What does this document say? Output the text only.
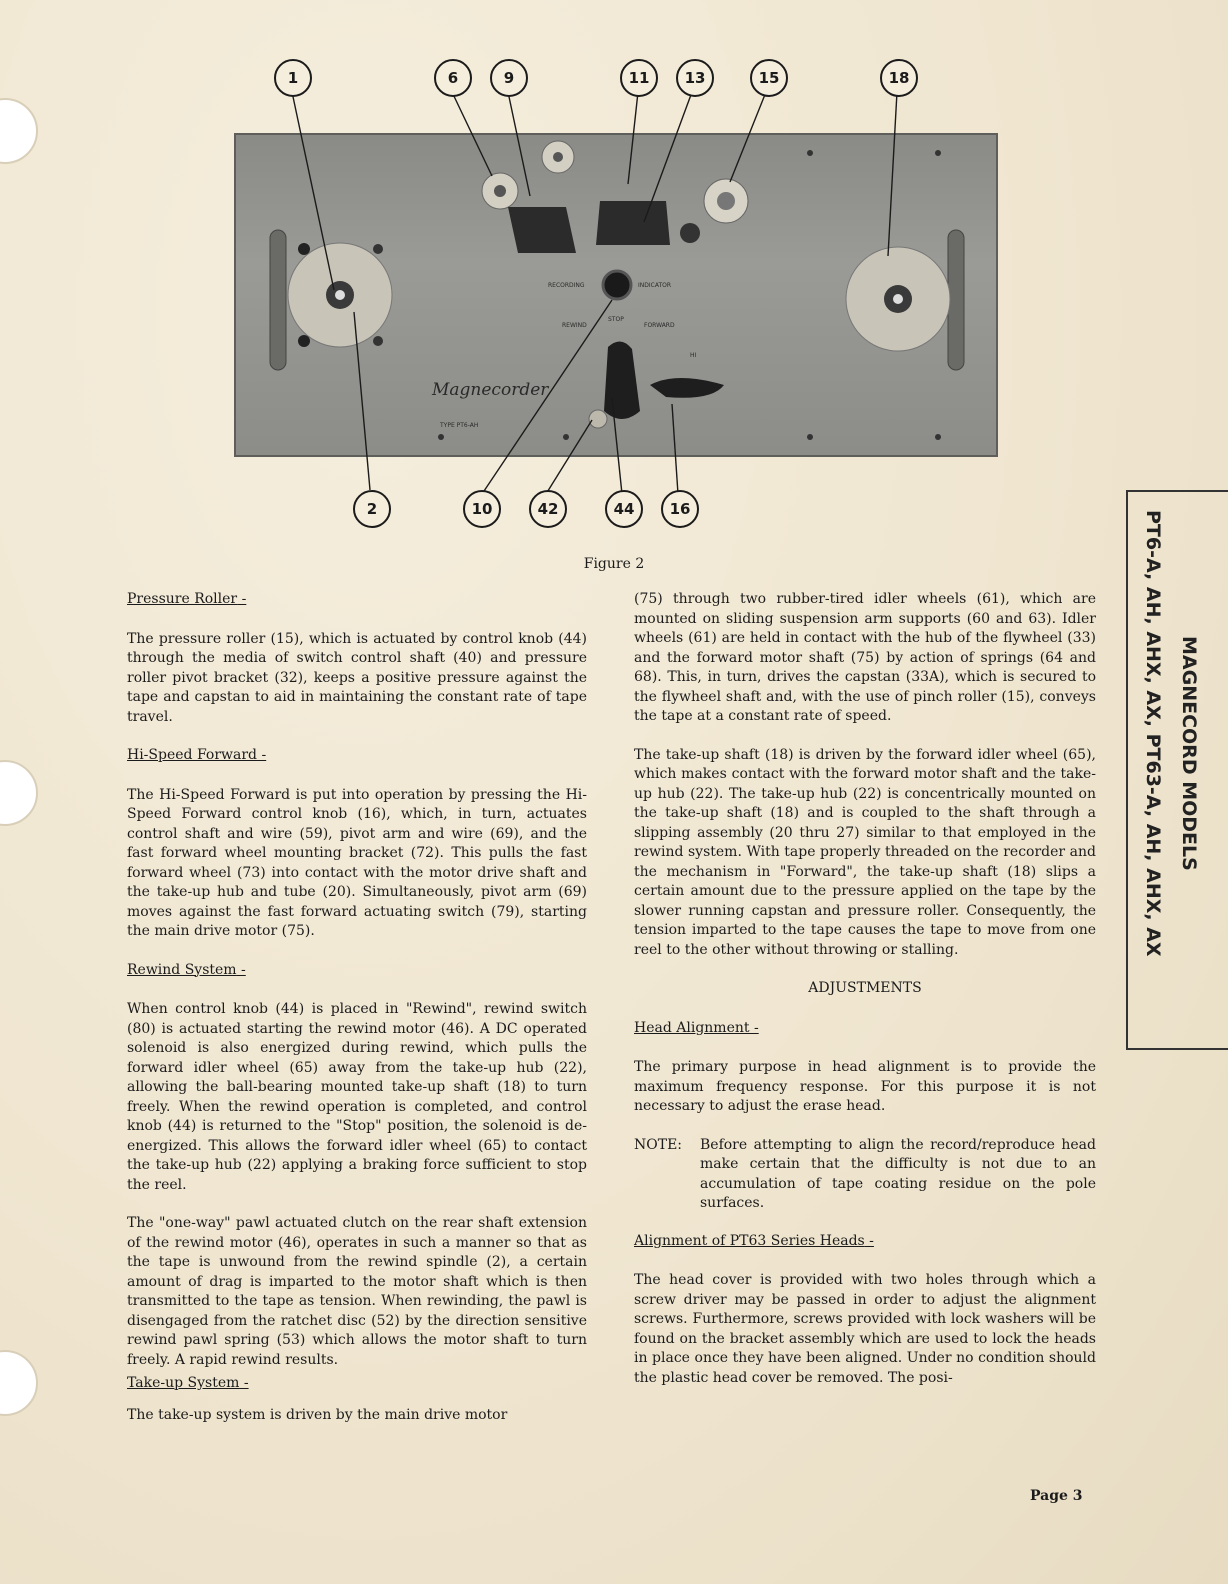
RECORDING	INDICATOR
REWIND
STOP
FORWARD
HI
Magnecorder
TYPE PT6-AH
1	6	9	11	13	15	18
2	10	42	44	16
Figure 2
Pressure Roller -

The pressure roller (15), which is actuated by control knob (44) through the media of switch control shaft (40) and pressure roller pivot bracket (32), keeps a positive pressure against the tape and capstan to aid in maintaining the constant rate of tape travel.

Hi-Speed Forward -

The Hi-Speed Forward is put into operation by pressing the Hi-Speed Forward control knob (16), which, in turn, actuates control shaft and wire (59), pivot arm and wire (69), and the fast forward wheel mounting bracket (72). This pulls the fast forward wheel (73) into contact with the motor drive shaft and the take-up hub and tube (20). Simultaneously, pivot arm (69) moves against the fast forward actuating switch (79), starting the main drive motor (75).

Rewind System -

When control knob (44) is placed in "Rewind", rewind switch (80) is actuated starting the rewind motor (46). A DC operated solenoid is also energized during rewind, which pulls the forward idler wheel (65) away from the take-up hub (22), allowing the ball-bearing mounted take-up shaft (18) to turn freely. When the rewind operation is completed, and control knob (44) is returned to the "Stop" position, the solenoid is de-energized. This allows the forward idler wheel (65) to contact the take-up hub (22) applying a braking force sufficient to stop the reel.

The "one-way" pawl actuated clutch on the rear shaft extension of the rewind motor (46), operates in such a manner so that as the tape is unwound from the rewind spindle (2), a certain amount of drag is imparted to the motor shaft which is then transmitted to the tape as tension. When rewinding, the pawl is disengaged from the ratchet disc (52) by the direction sensitive rewind pawl spring (53) which allows the motor shaft to turn freely. A rapid rewind results.

Take-up System -

The take-up system is driven by the main drive motor

(75) through two rubber-tired idler wheels (61), which are mounted on sliding suspension arm supports (60 and 63). Idler wheels (61) are held in contact with the hub of the flywheel (33) and the forward motor shaft (75) by action of springs (64 and 68). This, in turn, drives the capstan (33A), which is secured to the flywheel shaft and, with the use of pinch roller (15), conveys the tape at a constant rate of speed.

The take-up shaft (18) is driven by the forward idler wheel (65), which makes contact with the forward motor shaft and the take-up hub (22). The take-up hub (22) is concentrically mounted on the take-up shaft (18) and is coupled to the shaft through a slipping assembly (20 thru 27) similar to that employed in the rewind system. With tape properly threaded on the recorder and the mechanism in "Forward", the take-up shaft (18) slips a certain amount due to the pressure applied on the tape by the slower running capstan and pressure roller. Consequently, the tension imparted to the tape causes the tape to move from one reel to the other without throwing or stalling.

ADJUSTMENTS
Head Alignment -

The primary purpose in head alignment is to provide the maximum frequency response. For this purpose it is not necessary to adjust the erase head.

NOTE:	Before attempting to align the record/reproduce head make certain that the difficulty is not due to an accumulation of tape coating residue on the pole surfaces.
Alignment of PT63 Series Heads -

The head cover is provided with two holes through which a screw driver may be passed in order to adjust the alignment screws. Furthermore, screws provided with lock washers will be found on the bracket assembly which are used to lock the heads in place once they have been aligned. Under no condition should the plastic head cover be removed. The posi-

MAGNECORD MODELS
PT6-A, AH, AHX, AX, PT63-A, AH, AHX, AX
Page 3
